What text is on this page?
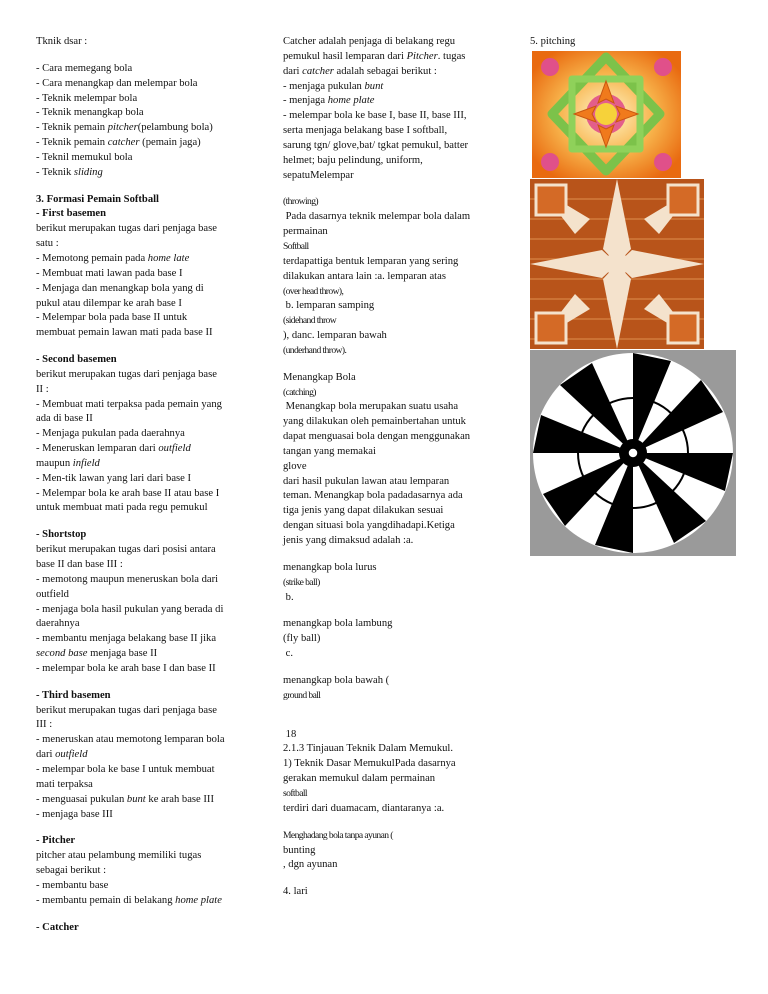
Tknik dsar :
- Cara memegang bola
- Cara menangkap dan melempar bola
- Teknik melempar bola
- Teknik menangkap bola
- Teknik pemain pitcher(pelambung bola)
- Teknik pemain catcher (pemain jaga)
- Teknil memukul bola
- Teknik sliding
3. Formasi Pemain Softball
- First basemen
berikut merupakan tugas dari penjaga base
satu :
- Memotong pemain pada home late
- Membuat mati lawan pada base I
- Menjaga dan menangkap bola yang di
pukul atau dilempar ke arah base I
- Melempar bola pada base II untuk
membuat pemain lawan mati pada base II
- Second basemen
berikut merupakan tugas dari penjaga base
II :
- Membuat mati terpaksa pada pemain yang
ada di base II
- Menjaga pukulan pada daerahnya
- Meneruskan lemparan dari outfield
maupun infield
- Men-tik lawan yang lari dari base I
- Melempar bola ke arah base II atau base I
untuk membuat mati pada regu pemukul
- Shortstop
berikut merupakan tugas dari posisi antara
base II dan base III :
- memotong maupun meneruskan bola dari
outfield
- menjaga bola hasil pukulan yang berada di
daerahnya
- membantu menjaga belakang base II jika
second base menjaga base II
- melempar bola ke arah base I dan base II
- Third basemen
berikut merupakan tugas dari penjaga base
III :
- meneruskan atau memotong lemparan bola
dari outfield
- melempar bola ke base I untuk membuat
mati terpaksa
- menguasai pukulan bunt ke arah base III
- menjaga base III
- Pitcher
pitcher atau pelambung memiliki tugas
sebagai berikut :
- membantu base
- membantu pemain di belakang home plate
- Catcher
Catcher adalah penjaga di belakang regu
pemukul hasil lemparan dari Pitcher. tugas
dari catcher adalah sebagai berikut :
- menjaga pukulan bunt
- menjaga home plate
- melempar bola ke base I, base II, base III,
serta menjaga belakang base I softball,
sarung tgn/ glove,bat/ tgkat pemukul, batter
helmet; baju pelindung, uniform,
sepatuMelempar
(throwing)
Pada dasarnya teknik melempar bola dalam
permainan
Softball
terdapattiga bentuk lemparan yang sering
dilakukan antara lain :a. lemparan atas
(over head throw),
b. lemparan samping
(sidehand throw
), danc. lemparan bawah
(underhand throw).
Menangkap Bola
(catching)
Menangkap bola merupakan suatu usaha
yang dilakukan oleh pemainbertahan untuk
dapat menguasai bola dengan menggunakan
tangan yang memakai
glove
dari hasil pukulan lawan atau lemparan
teman. Menangkap bola padadasarnya ada
tiga jenis yang dapat dilakukan sesuai
dengan situasi bola yangdihadapi.Ketiga
jenis yang dimaksud adalah :a.
menangkap bola lurus
(strike ball)
b.
menangkap bola lambung
(fly ball)
c.
menangkap bola bawah (
ground ball
18
2.1.3 Tinjauan Teknik Dalam Memukul.
1) Teknik Dasar MemukulPada dasarnya
gerakan memukul dalam permainan
softball
terdiri dari duamacam, diantaranya :a.
Menghadang bola tanpa ayunan (
bunting
, dgn ayunan
4. lari
5. pitching
